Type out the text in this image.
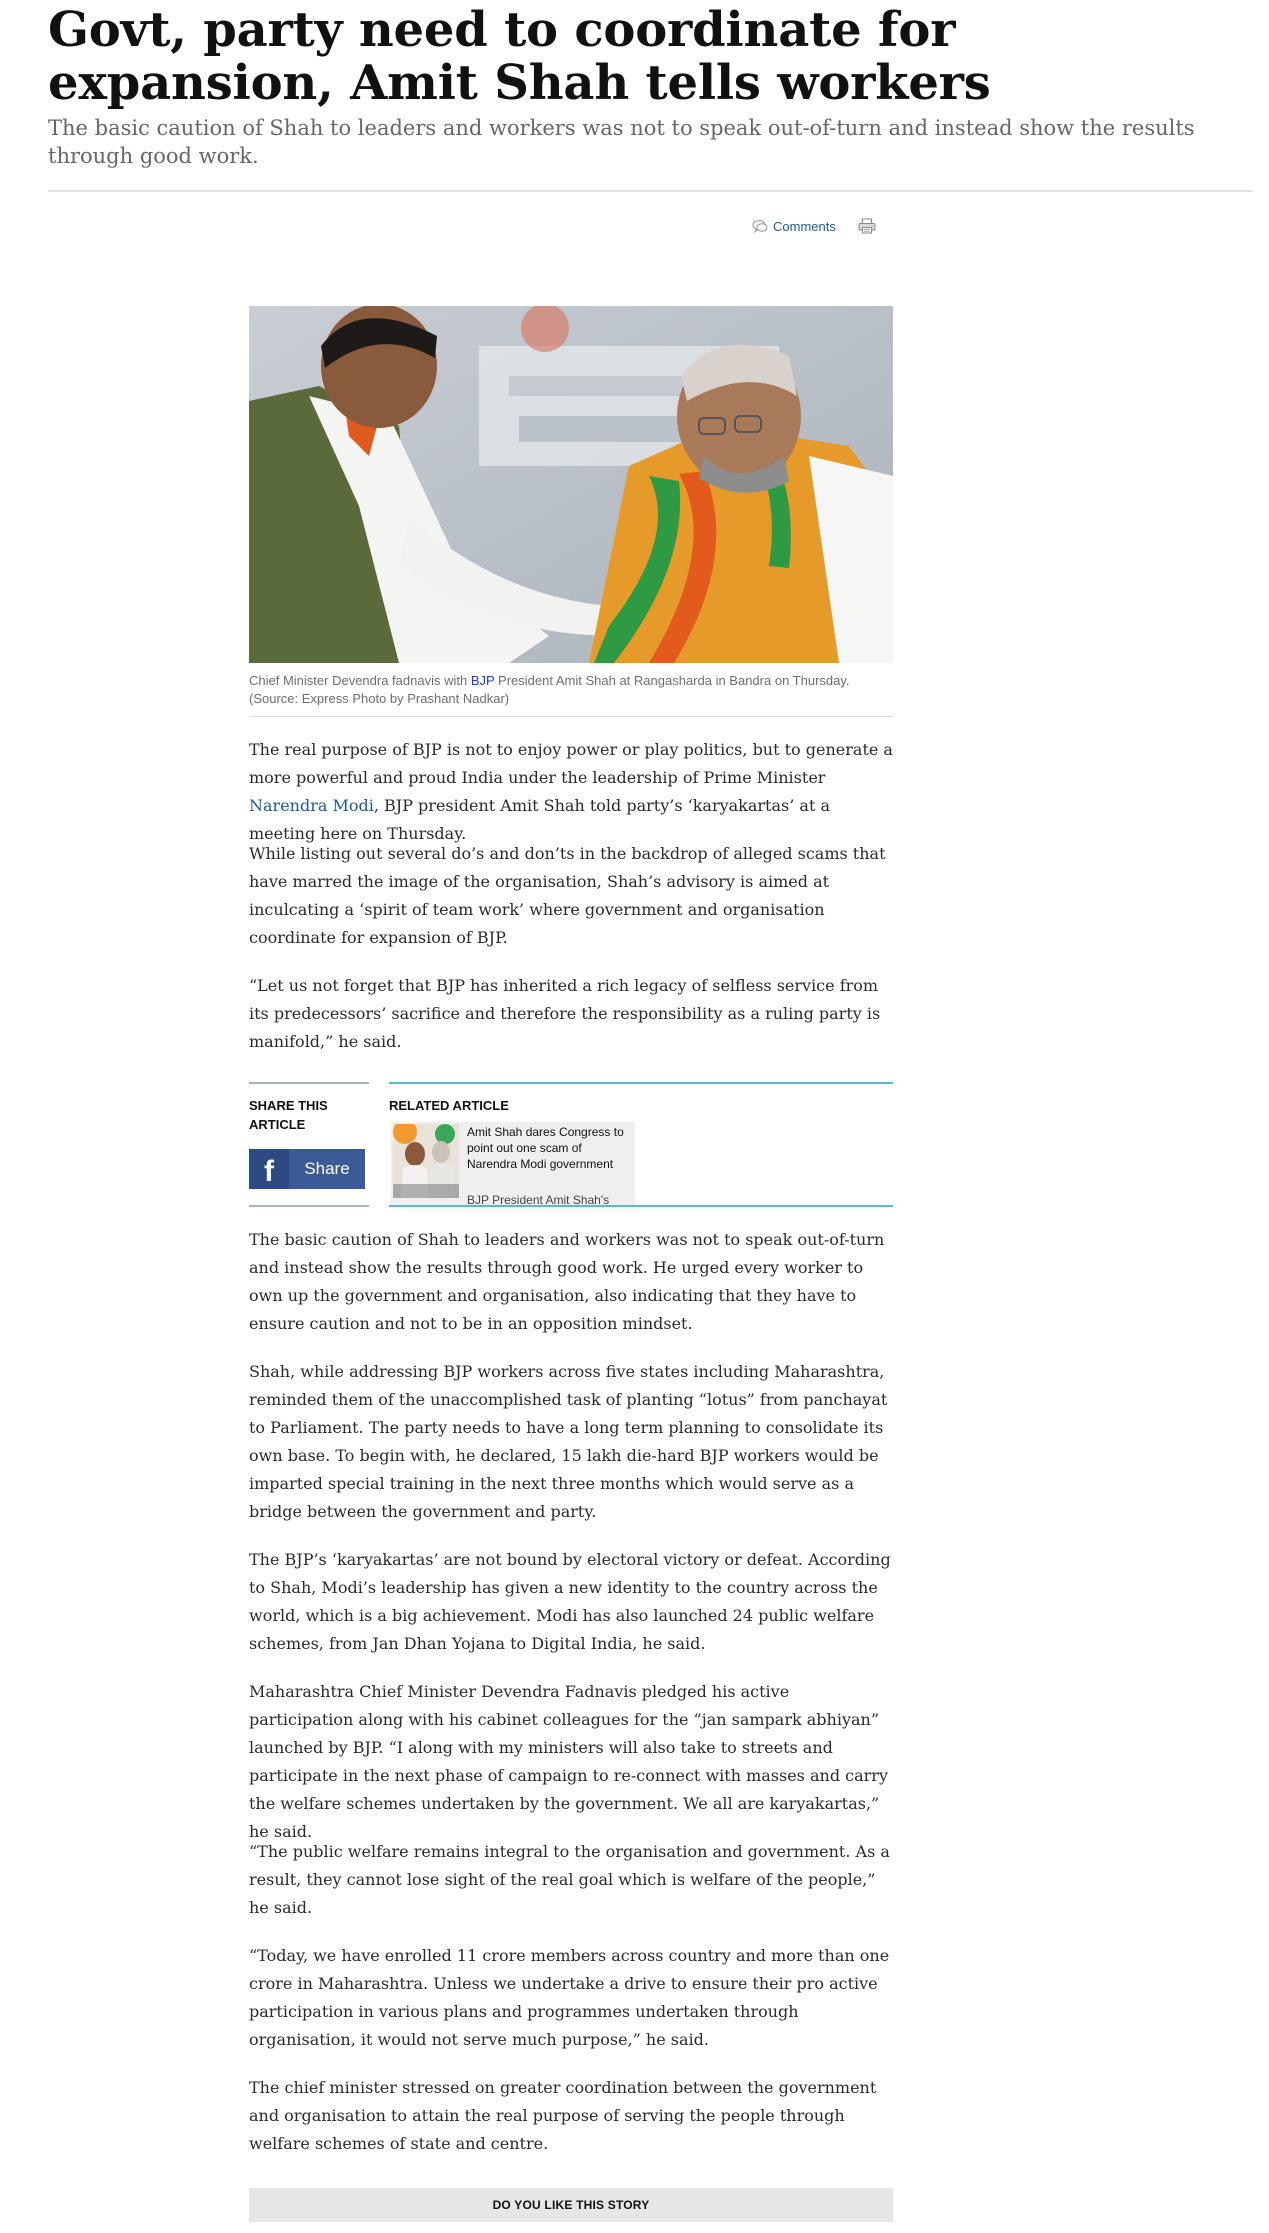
Govt, party need to coordinate for expansion, Amit Shah tells workers

The basic caution of Shah to leaders and workers was not to speak out-of-turn and instead show the results through good work.

Comments

Chief Minister Devendra fadnavis with BJP President Amit Shah at Rangasharda in Bandra on Thursday. (Source: Express Photo by Prashant Nadkar)

The real purpose of BJP is not to enjoy power or play politics, but to generate a more powerful and proud India under the leadership of Prime Minister Narendra Modi, BJP president Amit Shah told party’s ‘karyakartas’ at a meeting here on Thursday.

While listing out several do’s and don’ts in the backdrop of alleged scams that have marred the image of the organisation, Shah’s advisory is aimed at inculcating a ‘spirit of team work’ where government and organisation coordinate for expansion of BJP.

“Let us not forget that BJP has inherited a rich legacy of selfless service from its predecessors’ sacrifice and therefore the responsibility as a ruling party is manifold,” he said.

SHARE THIS ARTICLE

f	Share

RELATED ARTICLE

Amit Shah dares Congress to point out one scam of Narendra Modi government

BJP President Amit Shah's

The basic caution of Shah to leaders and workers was not to speak out-of-turn and instead show the results through good work. He urged every worker to own up the government and organisation, also indicating that they have to ensure caution and not to be in an opposition mindset.

Shah, while addressing BJP workers across five states including Maharashtra, reminded them of the unaccomplished task of planting “lotus” from panchayat to Parliament. The party needs to have a long term planning to consolidate its own base. To begin with, he declared, 15 lakh die-hard BJP workers would be imparted special training in the next three months which would serve as a bridge between the government and party.

The BJP’s ‘karyakartas’ are not bound by electoral victory or defeat. According to Shah, Modi’s leadership has given a new identity to the country across the world, which is a big achievement. Modi has also launched 24 public welfare schemes, from Jan Dhan Yojana to Digital India, he said.

Maharashtra Chief Minister Devendra Fadnavis pledged his active participation along with his cabinet colleagues for the “jan sampark abhiyan” launched by BJP. “I along with my ministers will also take to streets and participate in the next phase of campaign to re-connect with masses and carry the welfare schemes undertaken by the government. We all are karyakartas,” he said.

“The public welfare remains integral to the organisation and government. As a result, they cannot lose sight of the real goal which is welfare of the people,” he said.

“Today, we have enrolled 11 crore members across country and more than one crore in Maharashtra. Unless we undertake a drive to ensure their pro active participation in various plans and programmes undertaken through organisation, it would not serve much purpose,” he said.

The chief minister stressed on greater coordination between the government and organisation to attain the real purpose of serving the people through welfare schemes of state and centre.

DO YOU LIKE THIS STORY
